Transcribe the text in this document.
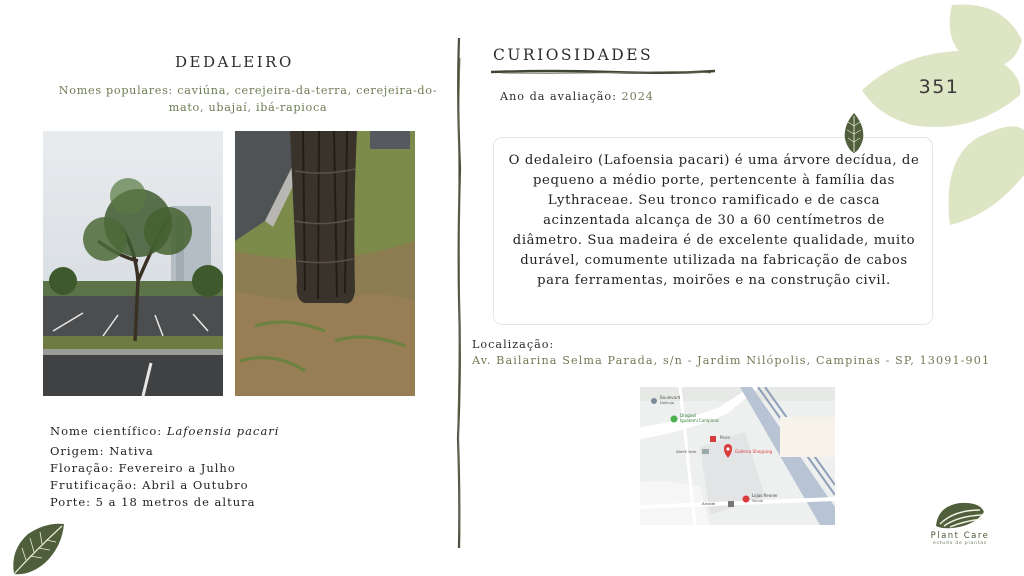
DEDALEIRO
Nomes populares: caviúna, cerejeira-da-terra, cerejeira-do-mato, ubajaí, ibá-rapioca
Nome científico: Lafoensia pacari
Origem: Nativa
Floração: Fevereiro a Julho
Frutificação: Abril a Outubro
Porte: 5 a 18 metros de altura
CURIOSIDADES
Ano da avaliação: 2024
O dedaleiro (Lafoensia pacari) é uma árvore decídua, de pequeno a médio porte, pertencente à família das Lythraceae. Seu tronco ramificado e de casca acinzentada alcança de 30 a 60 centímetros de diâmetro. Sua madeira é de excelente qualidade, muito durável, comumente utilizada na fabricação de cabos para ferramentas, moirões e na construção civil.
Localização:
Av. Bailarina Selma Parada, s/n - Jardim Nilópolis, Campinas - SP, 13091-901
Boulevard
Dahruja
Drogasil
Iguatemi Campinas
Perin
Galleria Shopping
Ateliê Vale
Lojas Renner
Sonda
Arcade
351
Plant Care
estudo de plantas
